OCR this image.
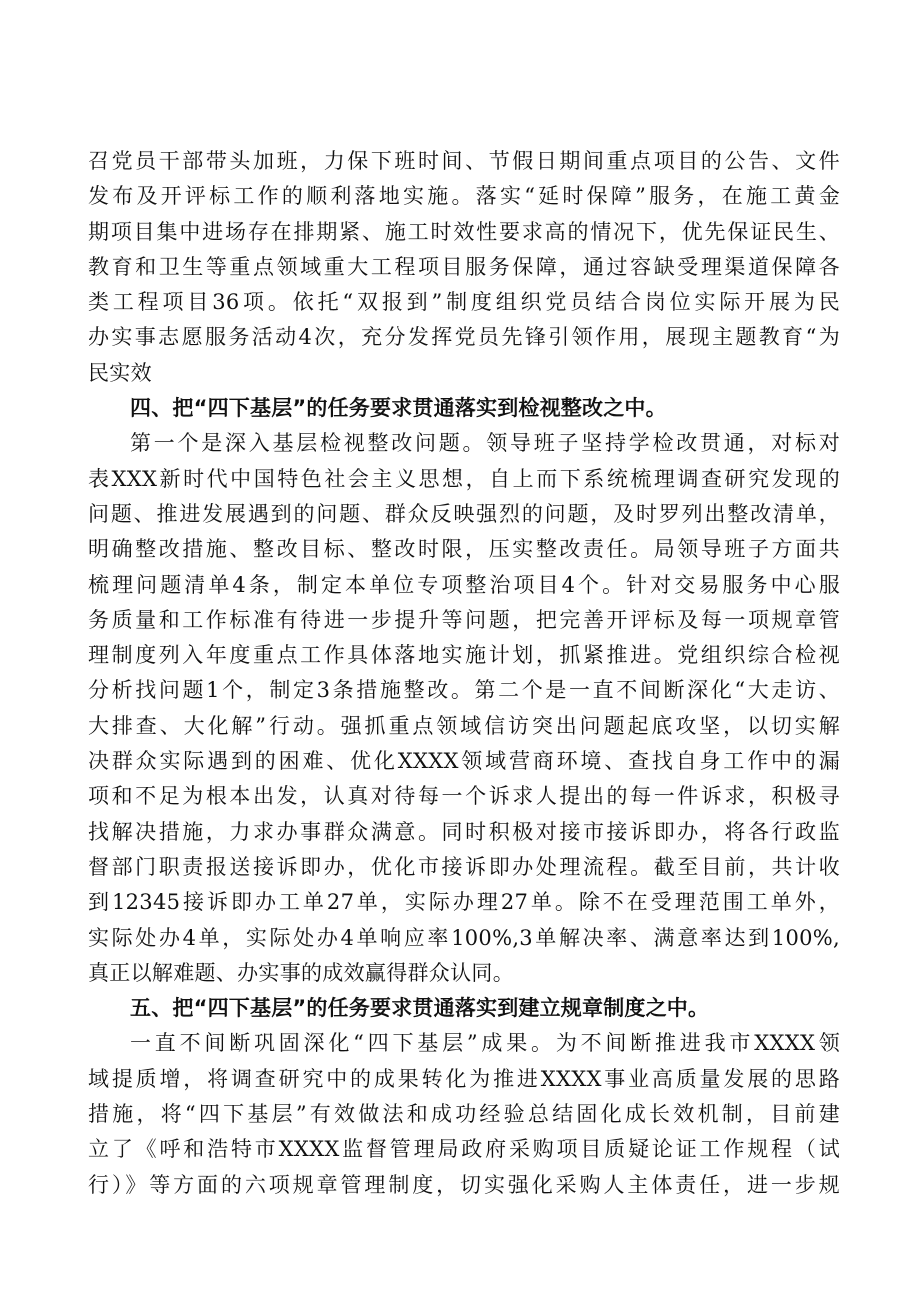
召党员干部带头加班，力保下班时间、节假日期间重点项目的公告、文件
发布及开评标工作的顺利落地实施。落实“延时保障”服务，在施工黄金
期项目集中进场存在排期紧、施工时效性要求高的情况下，优先保证民生、
教育和卫生等重点领域重大工程项目服务保障，通过容缺受理渠道保障各
类工程项目36项。依托“双报到”制度组织党员结合岗位实际开展为民
办实事志愿服务活动4次，充分发挥党员先锋引领作用，展现主题教育“为
民实效
四、把“四下基层”的任务要求贯通落实到检视整改之中。
第一个是深入基层检视整改问题。领导班子坚持学检改贯通，对标对
表XXX新时代中国特色社会主义思想，自上而下系统梳理调查研究发现的
问题、推进发展遇到的问题、群众反映强烈的问题，及时罗列出整改清单，
明确整改措施、整改目标、整改时限，压实整改责任。局领导班子方面共
梳理问题清单4条，制定本单位专项整治项目4个。针对交易服务中心服
务质量和工作标准有待进一步提升等问题，把完善开评标及每一项规章管
理制度列入年度重点工作具体落地实施计划，抓紧推进。党组织综合检视
分析找问题1个，制定3条措施整改。第二个是一直不间断深化“大走访、
大排查、大化解”行动。强抓重点领域信访突出问题起底攻坚，以切实解
决群众实际遇到的困难、优化XXXX领域营商环境、查找自身工作中的漏
项和不足为根本出发，认真对待每一个诉求人提出的每一件诉求，积极寻
找解决措施，力求办事群众满意。同时积极对接市接诉即办，将各行政监
督部门职责报送接诉即办，优化市接诉即办处理流程。截至目前，共计收
到12345接诉即办工单27单，实际办理27单。除不在受理范围工单外，
实际处办4单，实际处办4单响应率100%,3单解决率、满意率达到100%,
真正以解难题、办实事的成效赢得群众认同。
五、把“四下基层”的任务要求贯通落实到建立规章制度之中。
一直不间断巩固深化“四下基层”成果。为不间断推进我市XXXX领
域提质增，将调查研究中的成果转化为推进XXXX事业高质量发展的思路
措施，将“四下基层”有效做法和成功经验总结固化成长效机制，目前建
立了《呼和浩特市XXXX监督管理局政府采购项目质疑论证工作规程（试
行）》等方面的六项规章管理制度，切实强化采购人主体责任，进一步规
